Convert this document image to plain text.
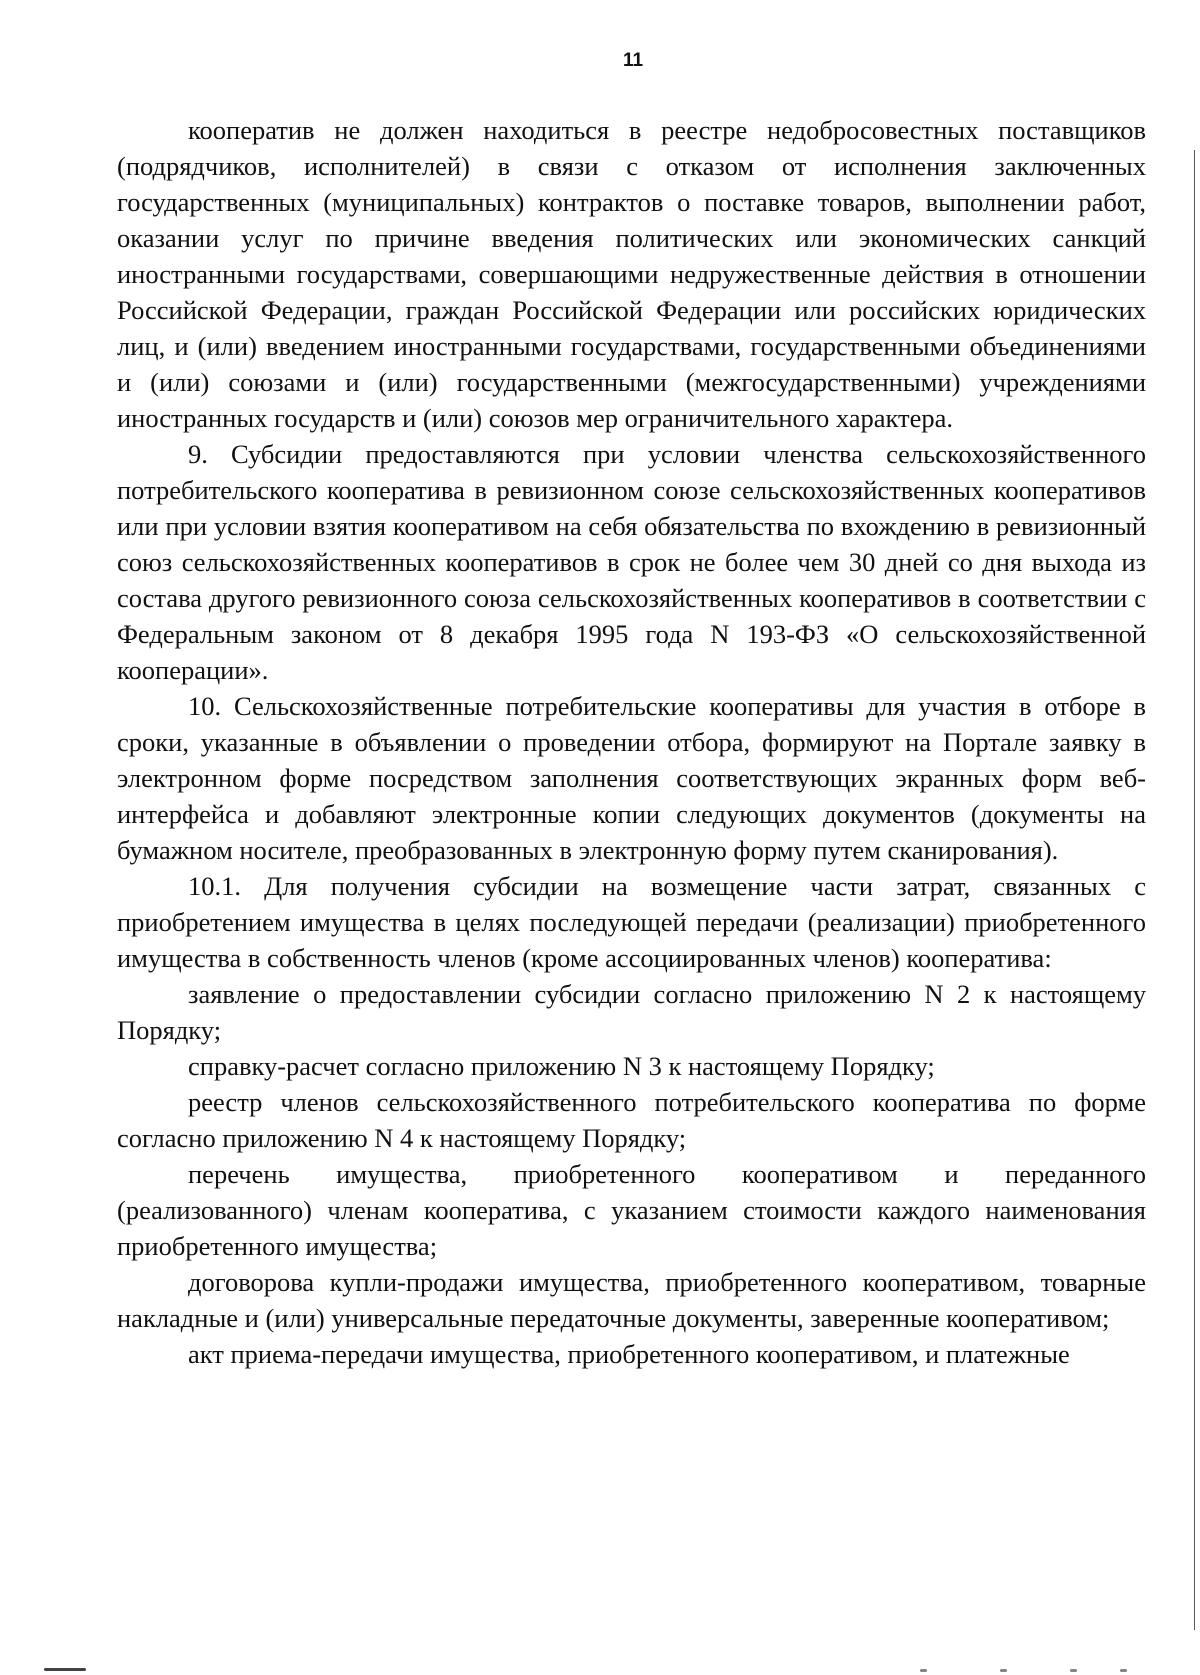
11

кооператив не должен находиться в реестре недобросовестных поставщиков (подрядчиков, исполнителей) в связи с отказом от исполнения заключенных государственных (муниципальных) контрактов о поставке товаров, выполнении работ, оказании услуг по причине введения политических или экономических санкций иностранными государствами, совершающими недружественные действия в отношении Российской Федерации, граждан Российской Федерации или российских юридических лиц, и (или) введением иностранными государствами, государственными объединениями и (или) союзами и (или) государственными (межгосударственными) учреждениями иностранных государств и (или) союзов мер ограничительного характера.

9. Субсидии предоставляются при условии членства сельскохозяйственного потребительского кооператива в ревизионном союзе сельскохозяйственных кооперативов или при условии взятия кооперативом на себя обязательства по вхождению в ревизионный союз сельскохозяйственных кооперативов в срок не более чем 30 дней со дня выхода из состава другого ревизионного союза сельскохозяйственных кооперативов в соответствии с Федеральным законом от 8 декабря 1995 года N 193-ФЗ «О сельскохозяйственной кооперации».

10. Сельскохозяйственные потребительские кооперативы для участия в отборе в сроки, указанные в объявлении о проведении отбора, формируют на Портале заявку в электронном форме посредством заполнения соответствующих экранных форм веб-интерфейса и добавляют электронные копии следующих документов (документы на бумажном носителе, преобразованных в электронную форму путем сканирования).

10.1. Для получения субсидии на возмещение части затрат, связанных с приобретением имущества в целях последующей передачи (реализации) приобретенного имущества в собственность членов (кроме ассоциированных членов) кооператива:

заявление о предоставлении субсидии согласно приложению N 2 к настоящему Порядку;

справку-расчет согласно приложению N 3 к настоящему Порядку;

реестр членов сельскохозяйственного потребительского кооператива по форме согласно приложению N 4 к настоящему Порядку;

перечень имущества, приобретенного кооперативом и переданного (реализованного) членам кооператива, с указанием стоимости каждого наименования приобретенного имущества;

договорова купли-продажи имущества, приобретенного кооперативом, товарные накладные и (или) универсальные передаточные документы, заверенные кооперативом;

акт приема-передачи имущества, приобретенного кооперативом, и платежные
